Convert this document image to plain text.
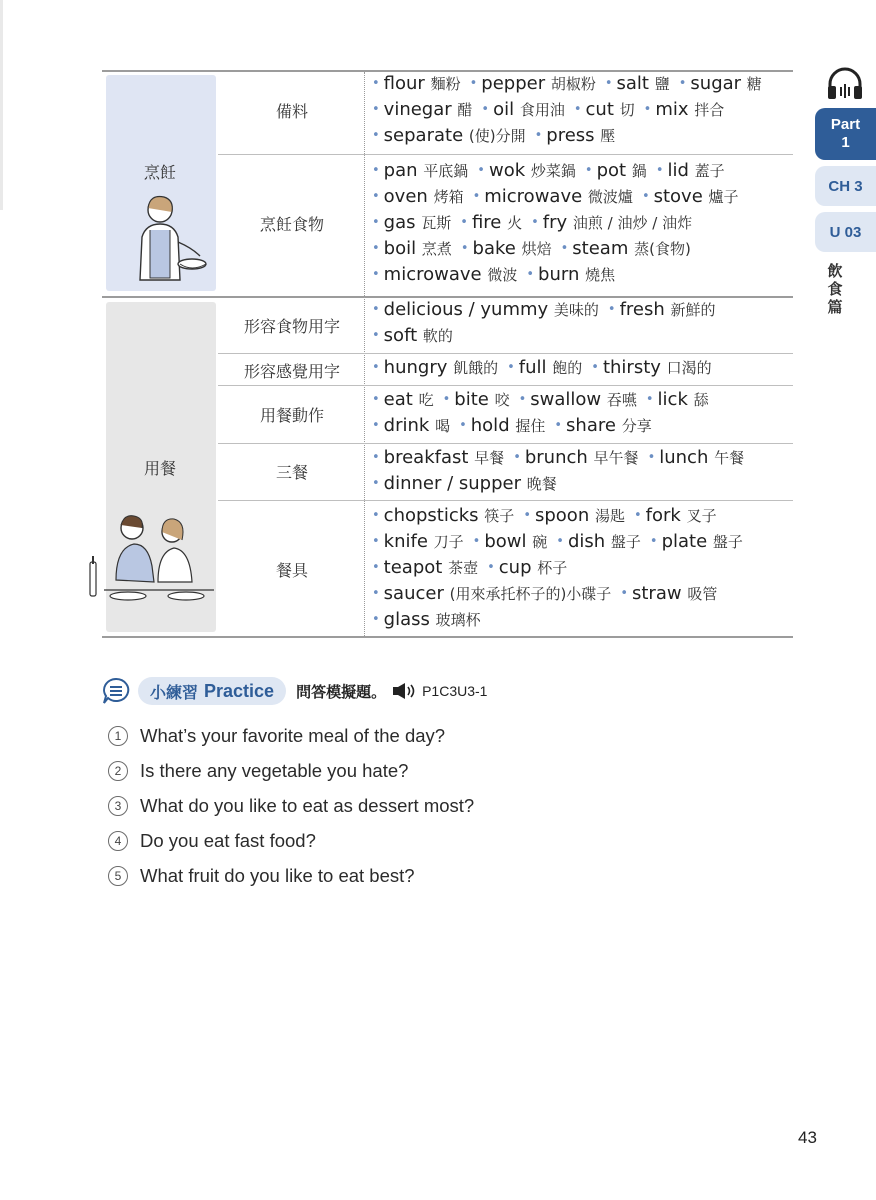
Part
1
CH 3
U 03
飲食篇
烹飪
備料
• flour 麵粉 • pepper 胡椒粉 • salt 鹽 • sugar 糖
• vinegar 醋 • oil 食用油 • cut 切 • mix 拌合
• separate (使)分開 • press 壓
烹飪食物
• pan 平底鍋 • wok 炒菜鍋 • pot 鍋 • lid 蓋子
• oven 烤箱 • microwave 微波爐 • stove 爐子
• gas 瓦斯 • fire 火 • fry 油煎 / 油炒 / 油炸
• boil 烹煮 • bake 烘焙 • steam 蒸(食物)
• microwave 微波 • burn 燒焦
用餐
形容食物用字
• delicious / yummy 美味的 • fresh 新鮮的
• soft 軟的
形容感覺用字	• hungry 飢餓的 • full 飽的 • thirsty 口渴的
用餐動作
• eat 吃 • bite 咬 • swallow 吞嚥 • lick 舔
• drink 喝 • hold 握住 • share 分享
三餐
• breakfast 早餐 • brunch 早午餐 • lunch 午餐
• dinner / supper 晚餐
餐具
• chopsticks 筷子 • spoon 湯匙 • fork 叉子
• knife 刀子 • bowl 碗 • dish 盤子 • plate 盤子
• teapot 茶壺 • cup 杯子
• saucer (用來承托杯子的)小碟子 • straw 吸管
• glass 玻璃杯
小練習 Practice 問答模擬題。	P1C3U3-1
1	What’s your favorite meal of the day?
2	Is there any vegetable you hate?
3	What do you like to eat as dessert most?
4	Do you eat fast food?
5	What fruit do you like to eat best?
43
